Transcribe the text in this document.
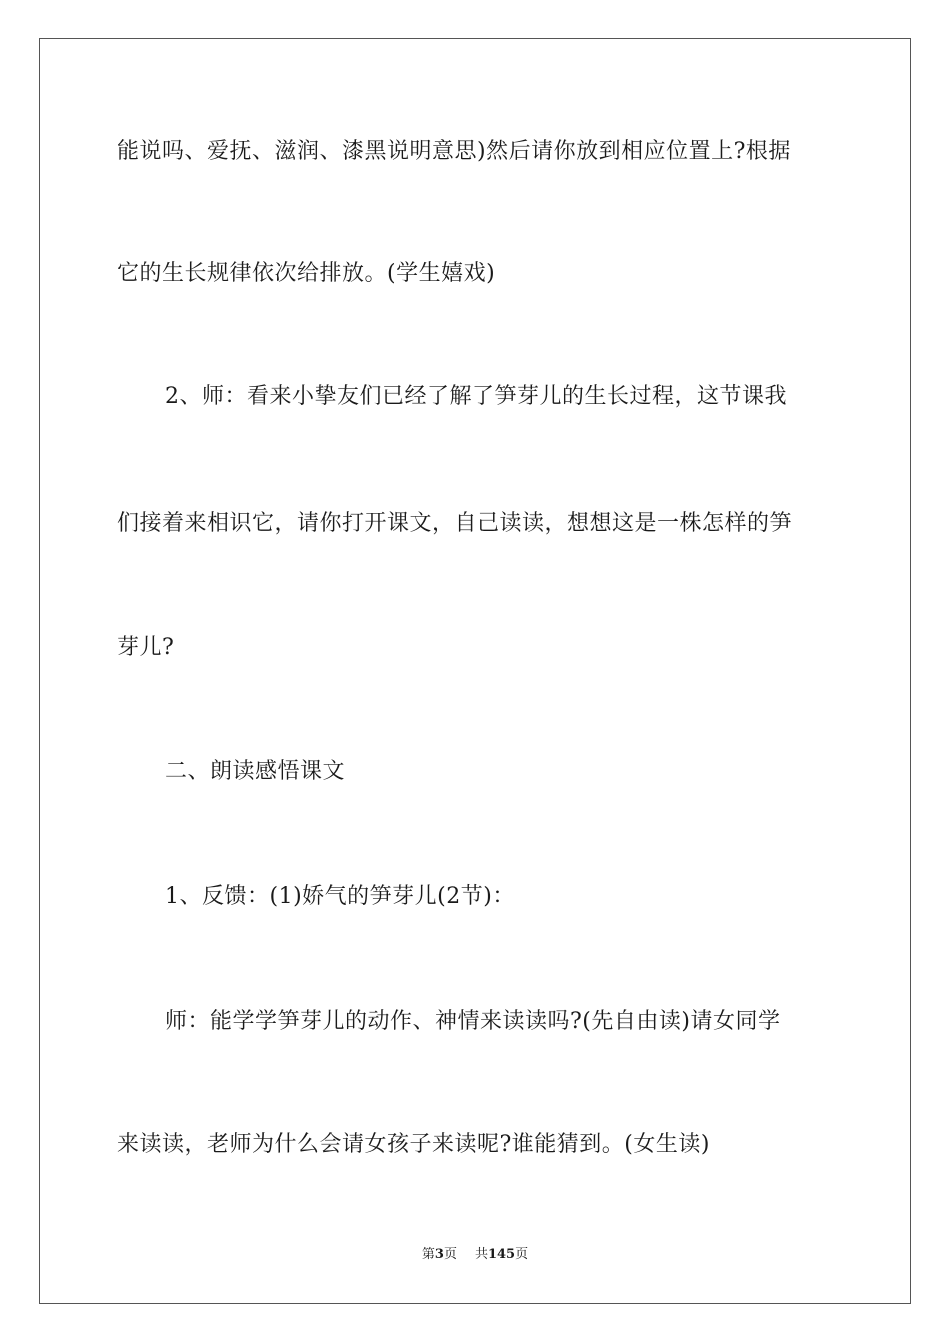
能说吗、爱抚、滋润、漆黑说明意思)然后请你放到相应位置上?根据
它的生长规律依次给排放。(学生嬉戏)
2、师：看来小挚友们已经了解了笋芽儿的生长过程，这节课我
们接着来相识它，请你打开课文，自己读读，想想这是一株怎样的笋
芽儿?
二、朗读感悟课文
1、反馈：(1)娇气的笋芽儿(2节)：
师：能学学笋芽儿的动作、神情来读读吗?(先自由读)请女同学
来读读，老师为什么会请女孩子来读呢?谁能猜到。(女生读)
第3页 共145页
